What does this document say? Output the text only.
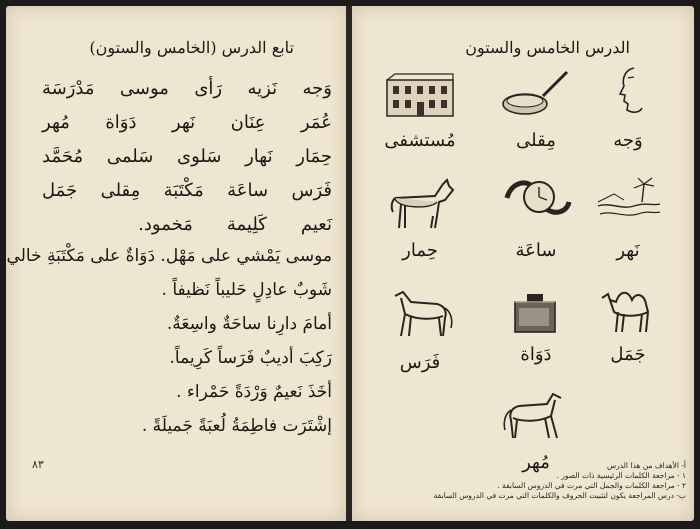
تابع الدرس (الخامس والستون)
وَجه
نَزيه
رَأى
موسى
مَدْرَسَة
عُمَر
عِنَان
نَهر
دَوَاة
مُهر
حِمَار
نَهار
سَلوى
سَلمى
مُحَمَّد
فَرَس
ساعَة
مَكْتَبَة
مِقلى
جَمَل
نَعيم
كَلِيمة
مَخمود.
موسى يَمْشي على مَهْل. دَوَاةٌ على مَكْتَبَةِ خالي.
شَوبٌ عادِلٍ حَليباً نَظيفاً .
أمامَ دارِنا ساحَةٌ واسِعَةٌ.
رَكِبَ أديبٌ فَرَساً كَرِيماً.
أخَذَ نَعيمٌ وَرْدَةً حَمْراء .
إشْتَرَت فاطِمَةُ لُعبَةً جَميلَةً .
٨٣
الدرس الخامس والستون
وَجه
مِقلى
مُستشفى
نَهر
ساعَة
حِمار
جَمَل
دَوَاة
فَرَس
مُهر	أ- الأهداف من هذا الدرس
١ - مراجعة الكلمات الرئيسية ذات الصور .
٢ - مراجعة الكلمات والجمل التي مرت في الدروس السابقة .
ب- درس المراجعة يكون لتثبيت الحروف والكلمات التي مرت في الدروس السابقة
